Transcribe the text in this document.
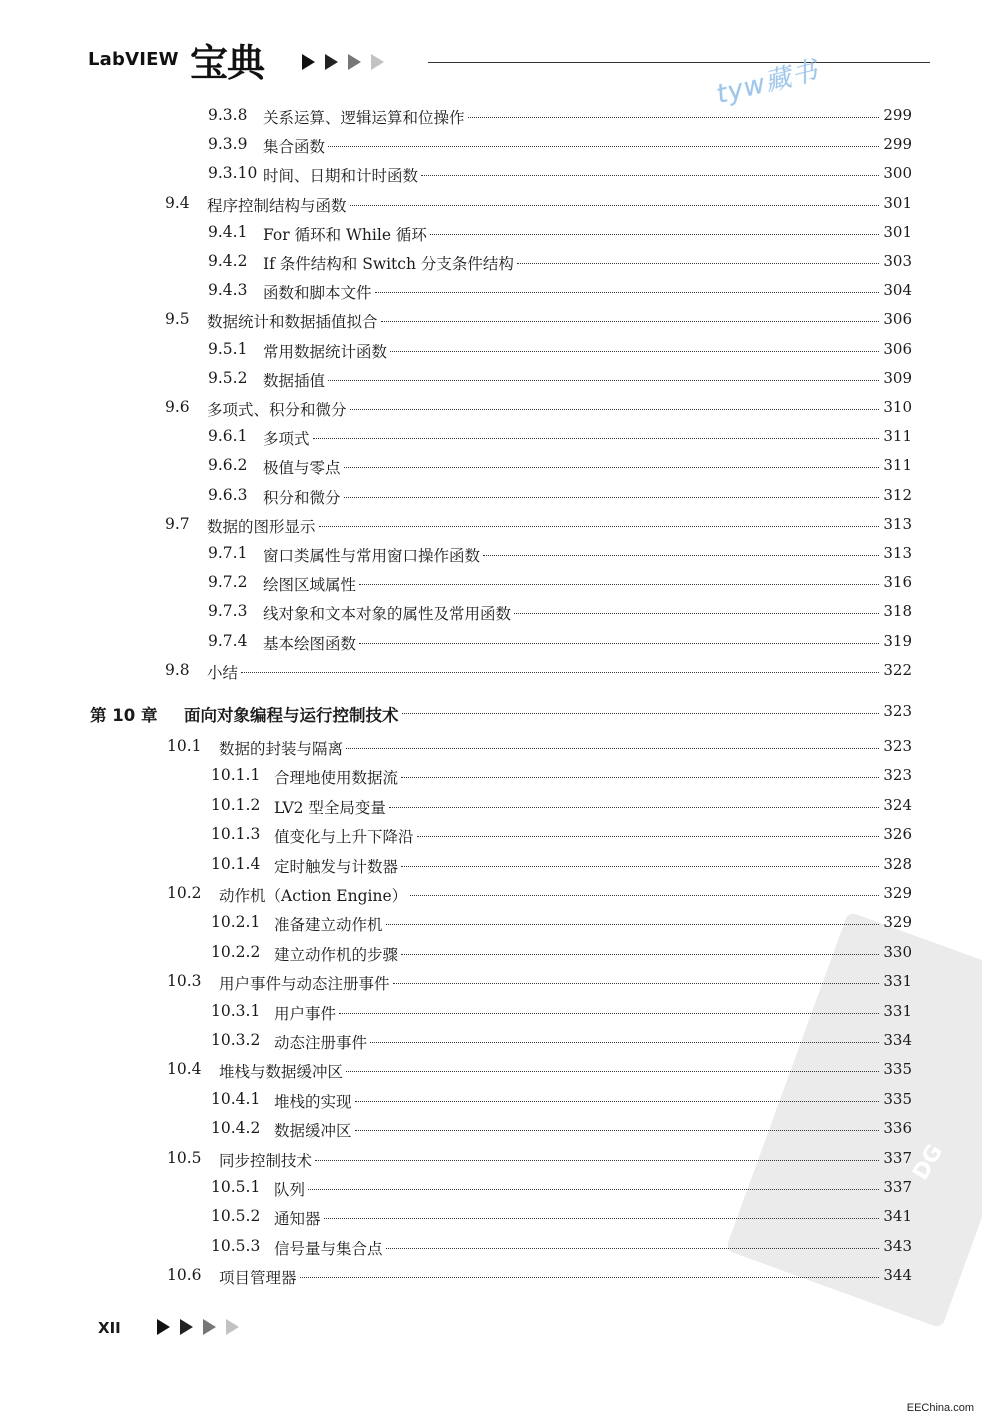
DG
LabVIEW 宝典	tyw藏书
9.3.8 关系运算、逻辑运算和位操作	299
9.3.9 集合函数	299
9.3.10 时间、日期和计时函数	300
9.4 程序控制结构与函数	301
9.4.1 For 循环和 While 循环	301
9.4.2 If 条件结构和 Switch 分支条件结构	303
9.4.3 函数和脚本文件	304
9.5 数据统计和数据插值拟合	306
9.5.1 常用数据统计函数	306
9.5.2 数据插值	309
9.6 多项式、积分和微分	310
9.6.1 多项式	311
9.6.2 极值与零点	311
9.6.3 积分和微分	312
9.7 数据的图形显示	313
9.7.1 窗口类属性与常用窗口操作函数	313
9.7.2 绘图区域属性	316
9.7.3 线对象和文本对象的属性及常用函数	318
9.7.4 基本绘图函数	319
9.8 小结	322
第 10 章 面向对象编程与运行控制技术	323
10.1 数据的封装与隔离	323
10.1.1 合理地使用数据流	323
10.1.2 LV2 型全局变量	324
10.1.3 值变化与上升下降沿	326
10.1.4 定时触发与计数器	328
10.2 动作机（Action Engine）	329
10.2.1 准备建立动作机	329
10.2.2 建立动作机的步骤	330
10.3 用户事件与动态注册事件	331
10.3.1 用户事件	331
10.3.2 动态注册事件	334
10.4 堆栈与数据缓冲区	335
10.4.1 堆栈的实现	335
10.4.2 数据缓冲区	336
10.5 同步控制技术	337
10.5.1 队列	337
10.5.2 通知器	341
10.5.3 信号量与集合点	343
10.6 项目管理器	344
XII
EEChina.com
